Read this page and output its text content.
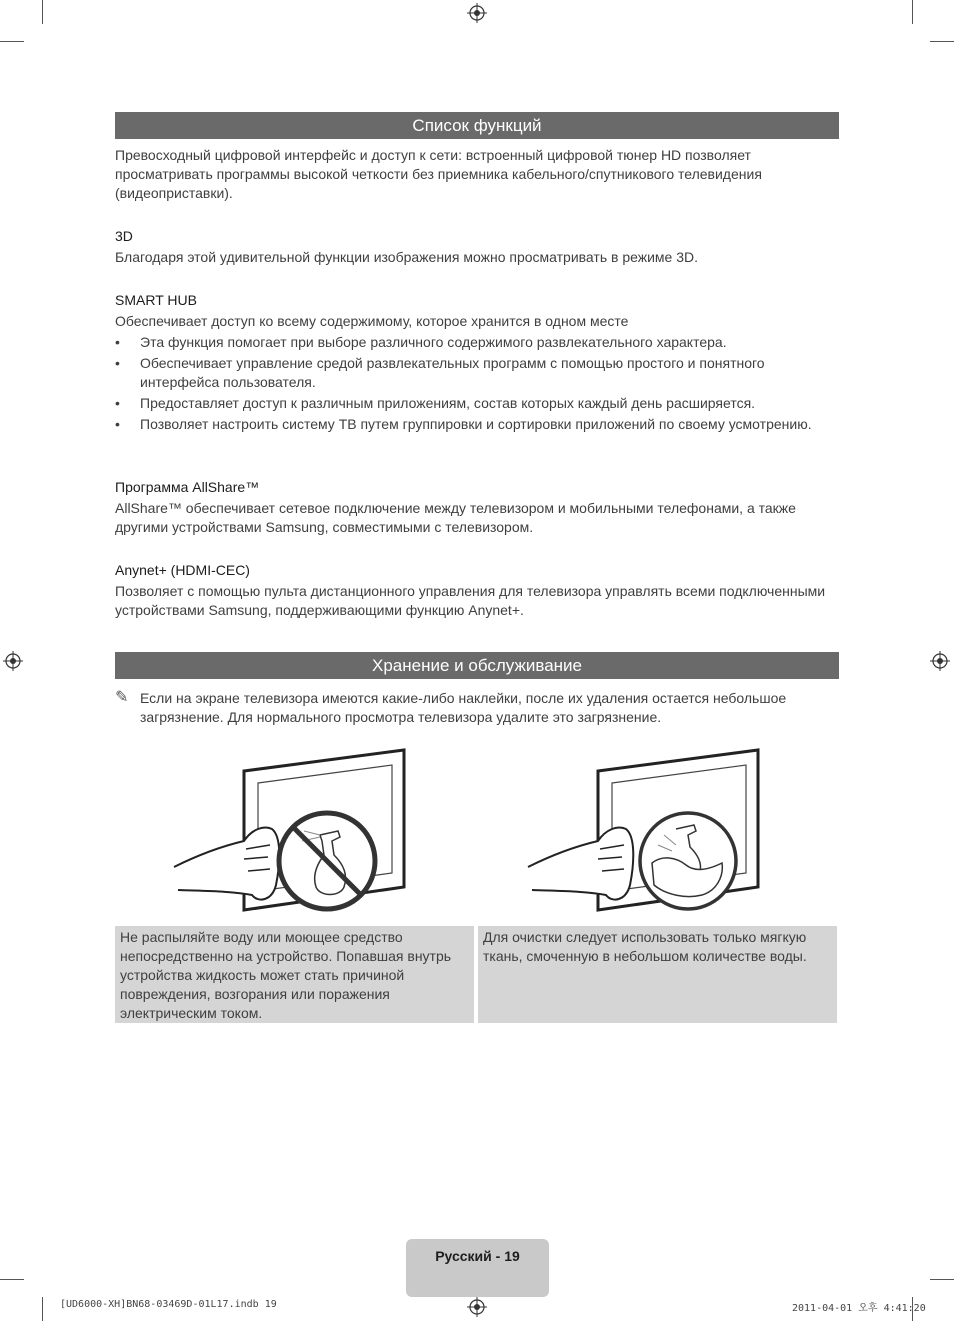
Список функций

Превосходный цифровой интерфейс и доступ к сети: встроенный цифровой тюнер HD позволяет просматривать программы высокой четкости без приемника кабельного/спутникового телевидения (видеоприставки).

3D

Благодаря этой удивительной функции изображения можно просматривать в режиме 3D.

SMART HUB

Обеспечивает доступ ко всему содержимому, которое хранится в одном месте

• Эта функция помогает при выборе различного содержимого развлекательного характера.
• Обеспечивает управление средой развлекательных программ с помощью простого и понятного интерфейса пользователя.
• Предоставляет доступ к различным приложениям, состав которых каждый день расширяется.
• Позволяет настроить систему ТВ путем группировки и сортировки приложений по своему усмотрению.

Программа AllShare™

AllShare™ обеспечивает сетевое подключение между телевизором и мобильными телефонами, а также другими устройствами Samsung, совместимыми с телевизором.

Anynet+ (HDMI-CEC)

Позволяет с помощью пульта дистанционного управления для телевизора управлять всеми подключенными устройствами Samsung, поддерживающими функцию Anynet+.

Хранение и обслуживание
✎ Если на экране телевизора имеются какие-либо наклейки, после их удаления остается небольшое загрязнение. Для нормального просмотра телевизора удалите это загрязнение.
Не распыляйте воду или моющее средство непосредственно на устройство. Попавшая внутрь устройства жидкость может стать причиной повреждения, возгорания или поражения электрическим током.
Для очистки следует использовать только мягкую ткань, смоченную в небольшом количестве воды.
Русский - 19
[UD6000-XH]BN68-03469D-01L17.indb 19	2011-04-01 오후 4:41:20
